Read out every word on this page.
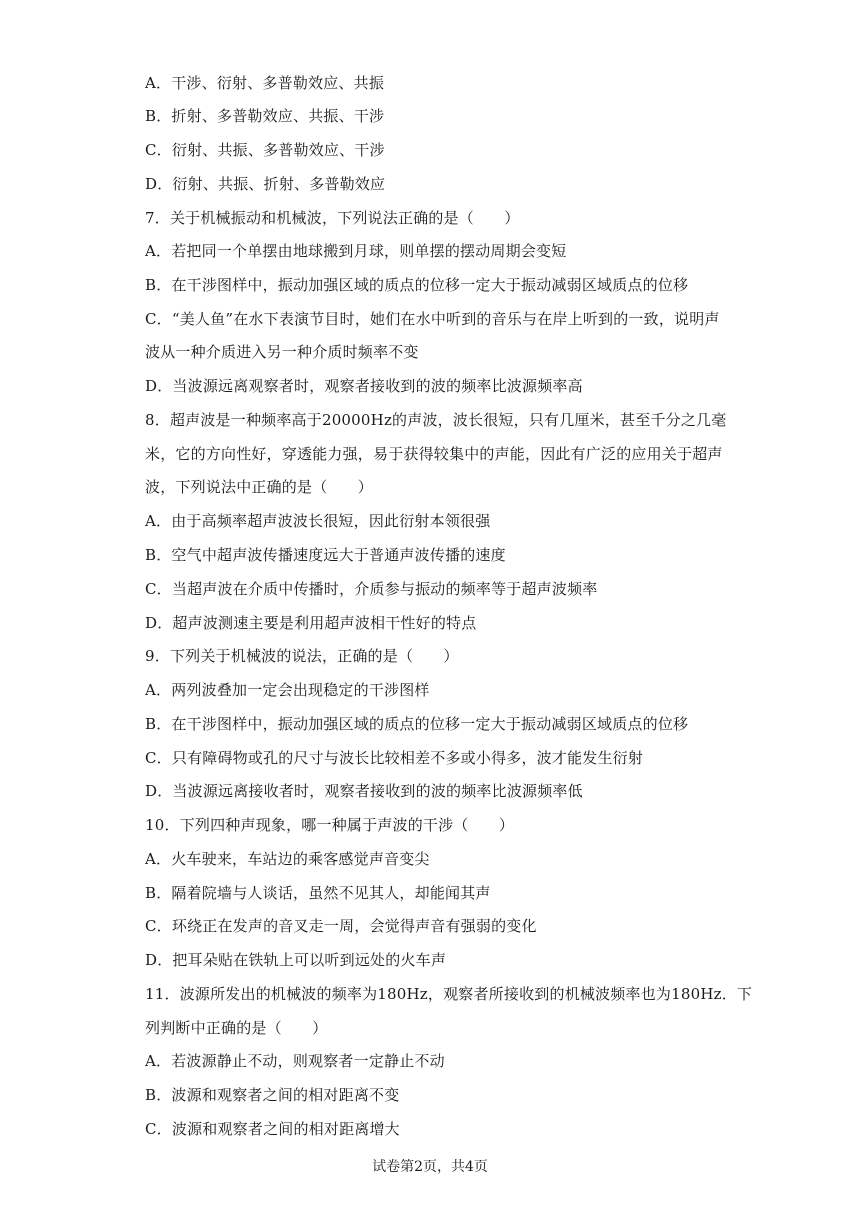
A．干涉、衍射、多普勒效应、共振
B．折射、多普勒效应、共振、干涉
C．衍射、共振、多普勒效应、干涉
D．衍射、共振、折射、多普勒效应
7．关于机械振动和机械波，下列说法正确的是（　　）
A．若把同一个单摆由地球搬到月球，则单摆的摆动周期会变短
B．在干涉图样中，振动加强区域的质点的位移一定大于振动减弱区域质点的位移
C．“美人鱼”在水下表演节目时，她们在水中听到的音乐与在岸上听到的一致，说明声
波从一种介质进入另一种介质时频率不变
D．当波源远离观察者时，观察者接收到的波的频率比波源频率高
8．超声波是一种频率高于20000Hz的声波，波长很短，只有几厘米，甚至千分之几毫
米，它的方向性好，穿透能力强，易于获得较集中的声能，因此有广泛的应用关于超声
波，下列说法中正确的是（　　）
A．由于高频率超声波波长很短，因此衍射本领很强
B．空气中超声波传播速度远大于普通声波传播的速度
C．当超声波在介质中传播时，介质参与振动的频率等于超声波频率
D．超声波测速主要是利用超声波相干性好的特点
9．下列关于机械波的说法，正确的是（　　）
A．两列波叠加一定会出现稳定的干涉图样
B．在干涉图样中，振动加强区域的质点的位移一定大于振动减弱区域质点的位移
C．只有障碍物或孔的尺寸与波长比较相差不多或小得多，波才能发生衍射
D．当波源远离接收者时，观察者接收到的波的频率比波源频率低
10．下列四种声现象，哪一种属于声波的干涉（　　）
A．火车驶来，车站边的乘客感觉声音变尖
B．隔着院墙与人谈话，虽然不见其人，却能闻其声
C．环绕正在发声的音叉走一周，会觉得声音有强弱的变化
D．把耳朵贴在铁轨上可以听到远处的火车声
11．波源所发出的机械波的频率为180Hz，观察者所接收到的机械波频率也为180Hz．下
列判断中正确的是（　　）
A．若波源静止不动，则观察者一定静止不动
B．波源和观察者之间的相对距离不变
C．波源和观察者之间的相对距离增大
试卷第2页，共4页
